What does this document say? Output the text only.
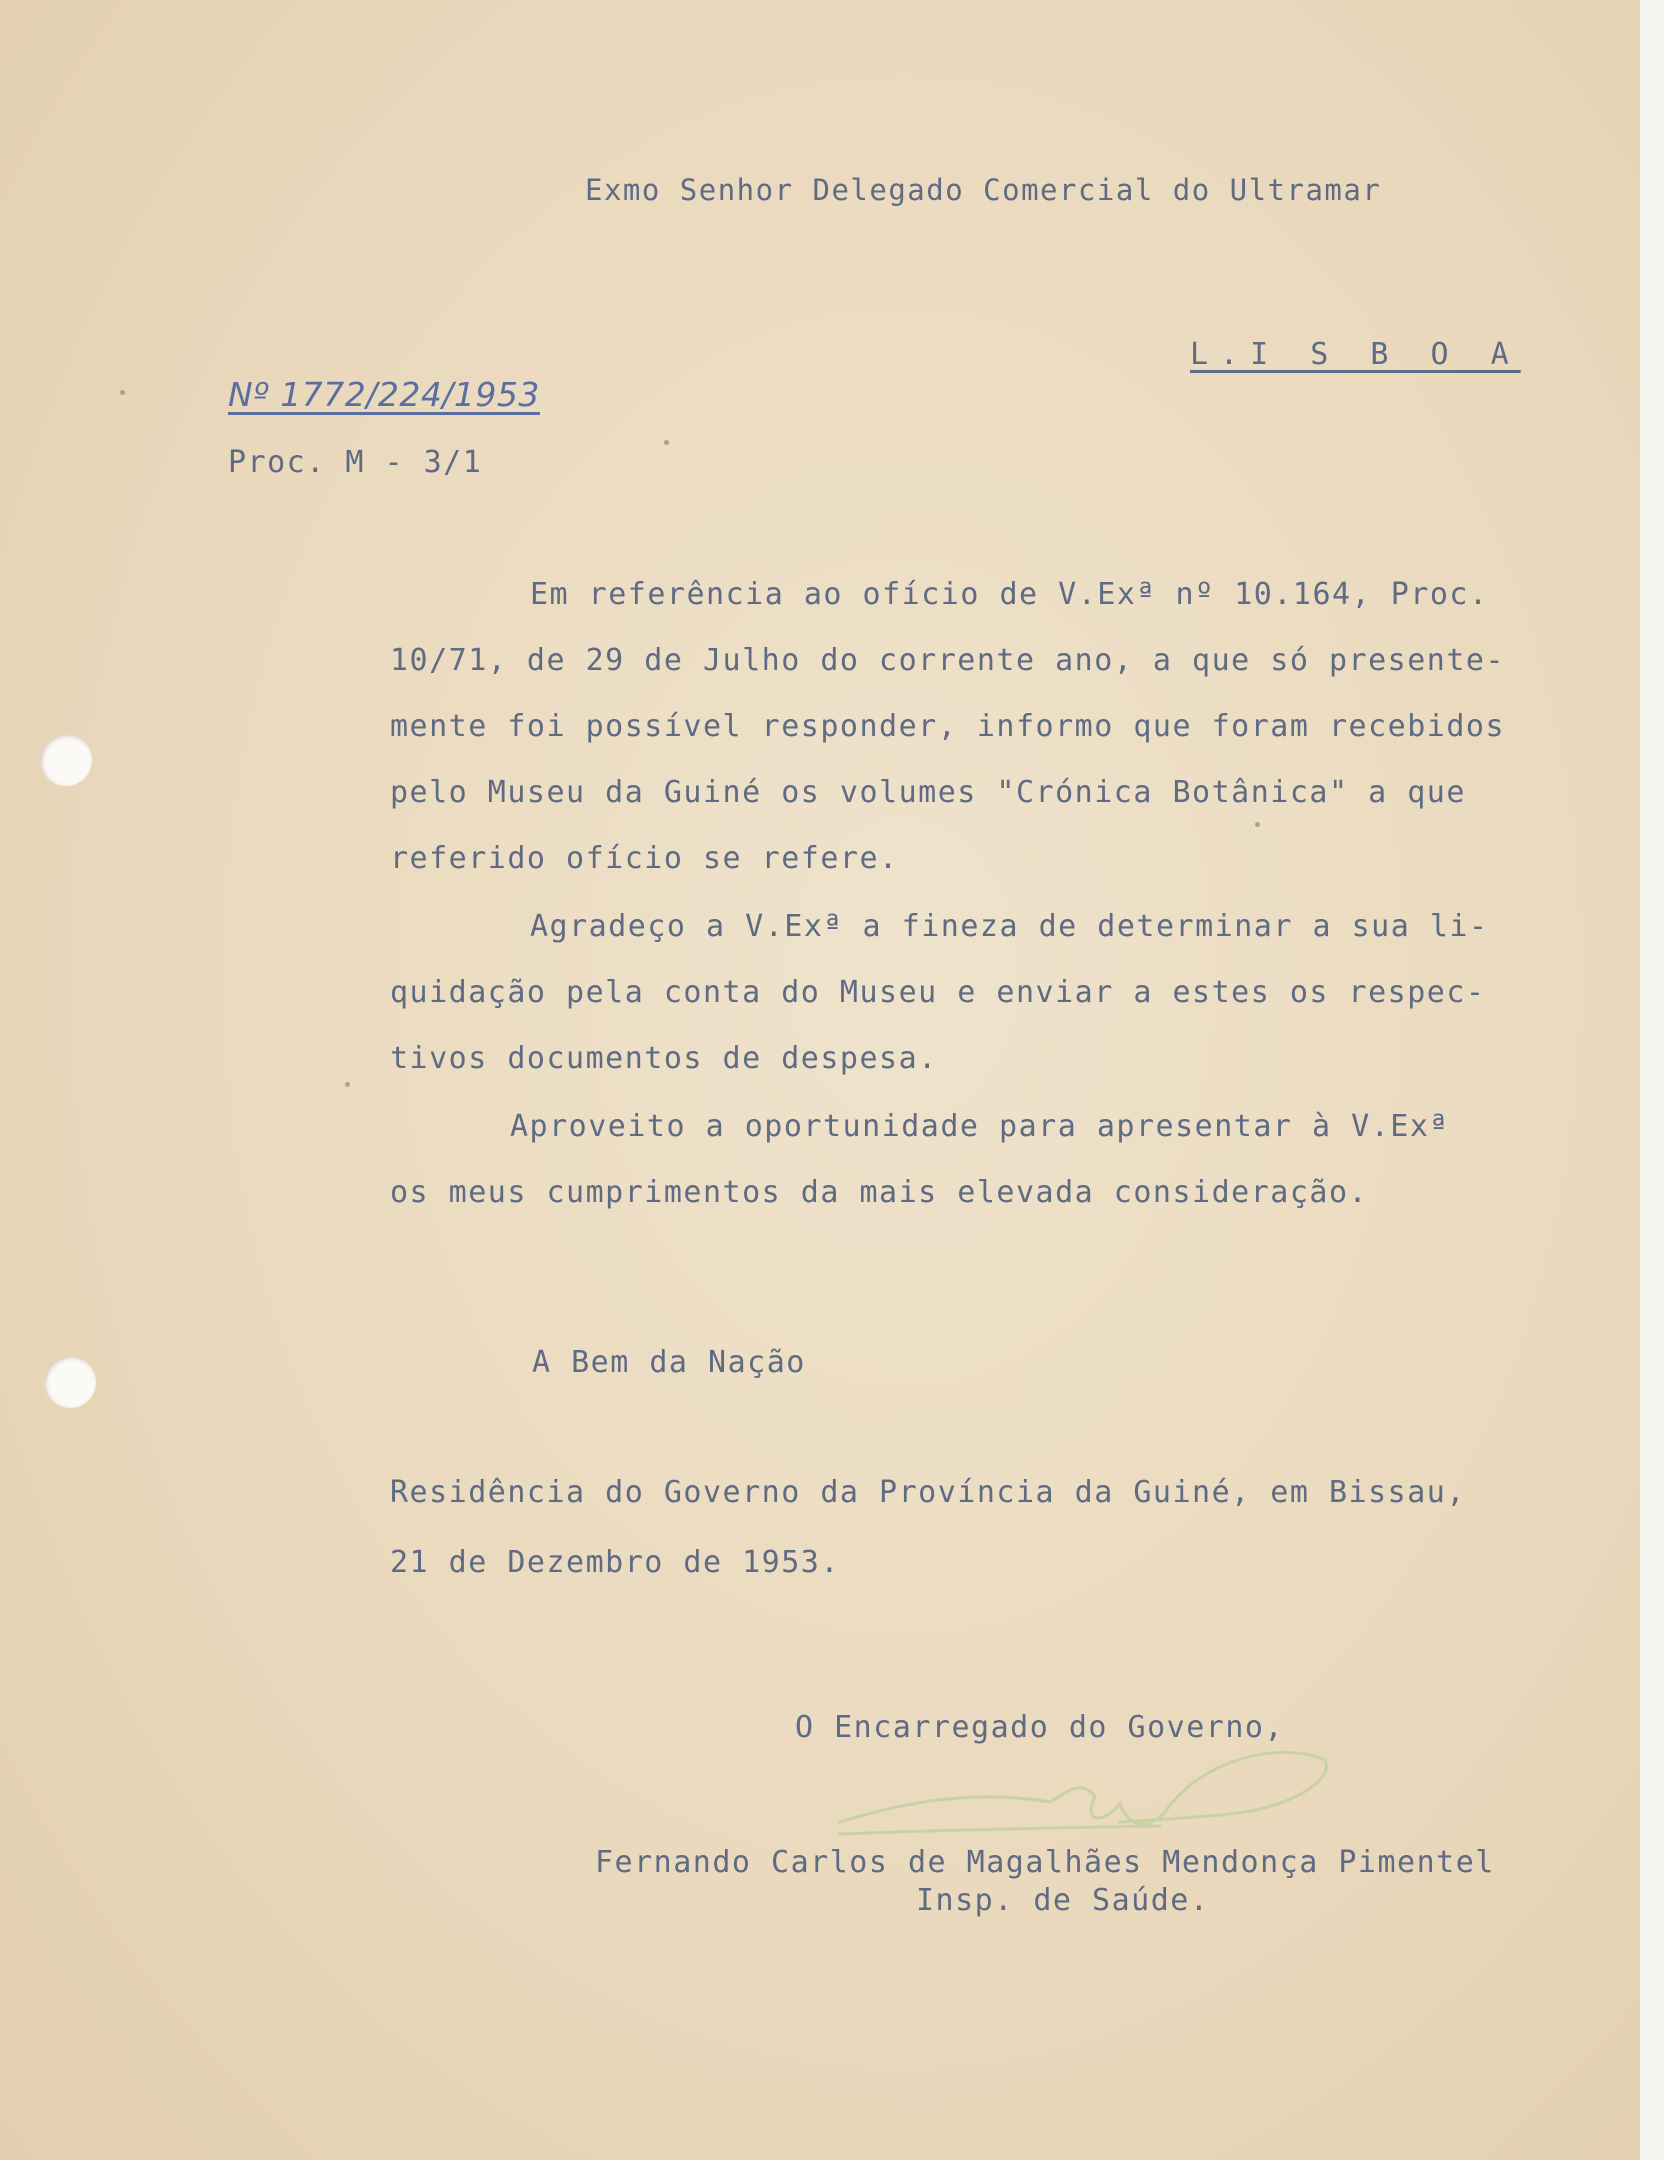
Exmo Senhor Delegado Comercial do Ultramar

L.I S B O A

Nº 1772/224/1953

Proc. M - 3/1

Em referência ao ofício de V.Exª nº 10.164, Proc.

10/71, de 29 de Julho do corrente ano, a que só presente-

mente foi possível responder, informo que foram recebidos

pelo Museu da Guiné os volumes "Crónica Botânica" a que

referido ofício se refere.

Agradeço a V.Exª a fineza de determinar a sua li-

quidação pela conta do Museu e enviar a estes os respec-

tivos documentos de despesa.

Aproveito a oportunidade para apresentar à V.Exª

os meus cumprimentos da mais elevada consideração.

A Bem da Nação

Residência do Governo da Província da Guiné, em Bissau,

21 de Dezembro de 1953.

O Encarregado do Governo,

Fernando Carlos de Magalhães Mendonça Pimentel

Insp. de Saúde.
